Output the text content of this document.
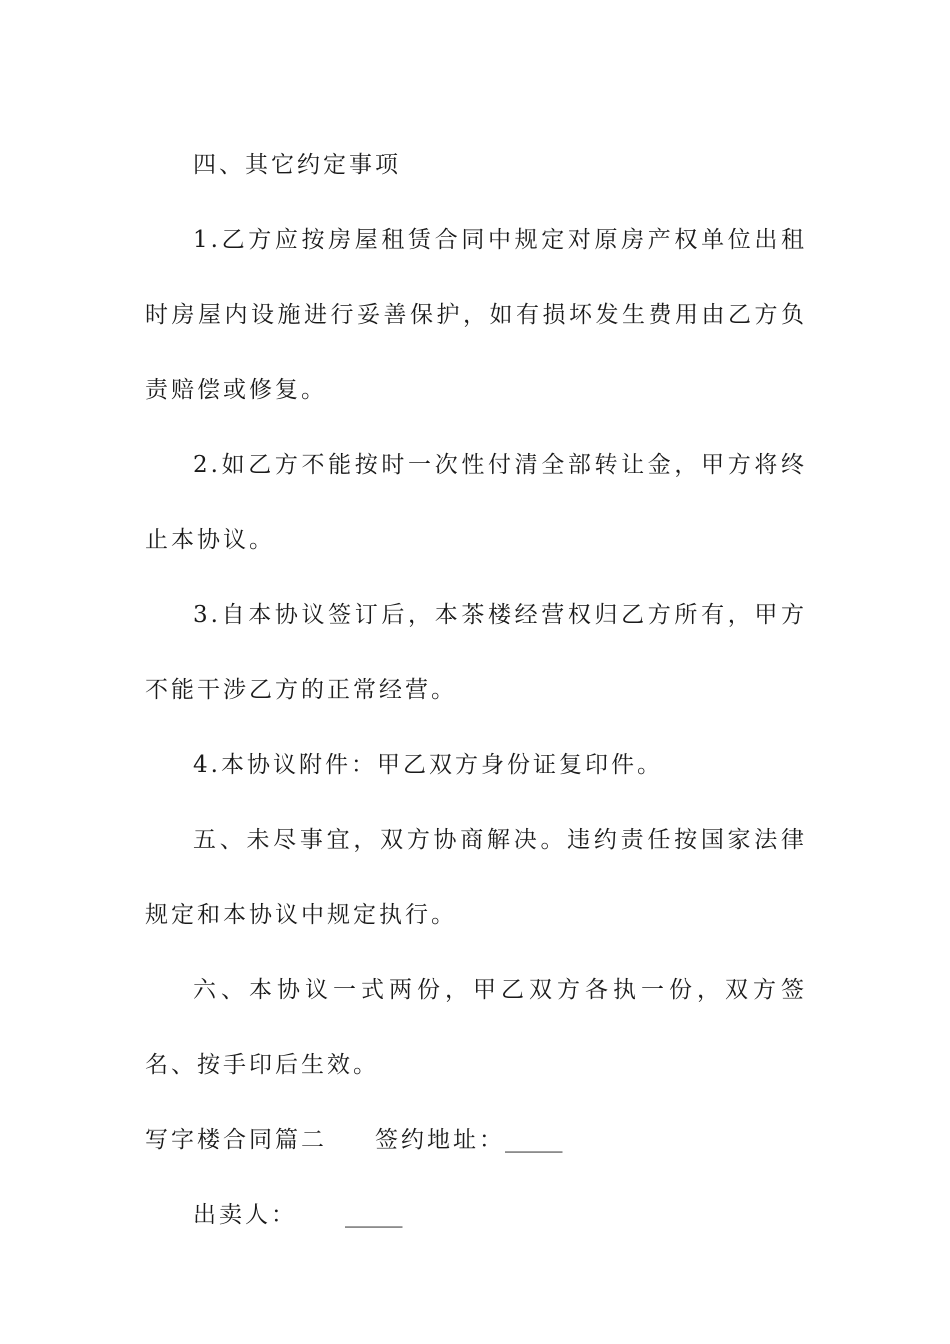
四、其它约定事项

1.乙方应按房屋租赁合同中规定对原房产权单位出租时房屋内设施进行妥善保护，如有损坏发生费用由乙方负责赔偿或修复。

2.如乙方不能按时一次性付清全部转让金，甲方将终止本协议。

3.自本协议签订后，本茶楼经营权归乙方所有，甲方不能干涉乙方的正常经营。

4.本协议附件：甲乙双方身份证复印件。

五、未尽事宜，双方协商解决。违约责任按国家法律规定和本协议中规定执行。

六、本协议一式两份，甲乙双方各执一份，双方签名、按手印后生效。

写字楼合同篇二 签约地址：_____

出卖人： _____
